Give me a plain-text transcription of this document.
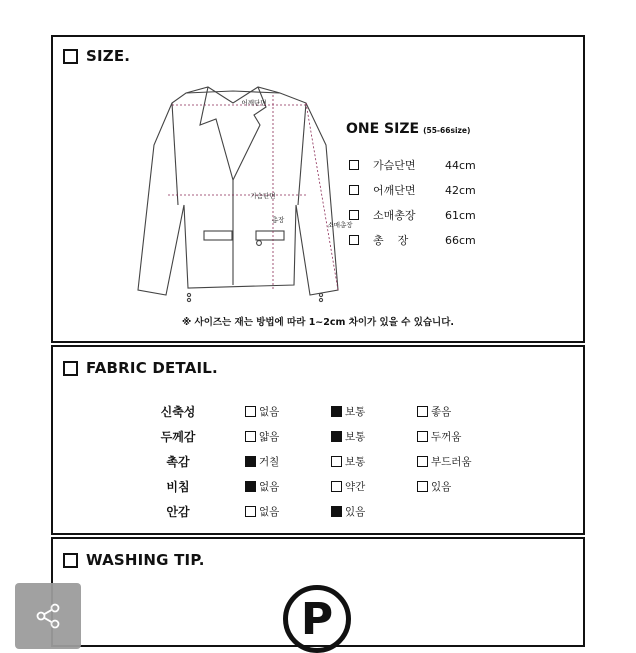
SIZE.
어깨단면
가슴단면
총장
소매총장
ONE SIZE (55-66size)
가슴단면	44cm
어깨단면	42cm
소매총장	61cm
총    장	66cm
※ 사이즈는 재는 방법에 따라 1~2cm 차이가 있을 수 있습니다.
FABRIC DETAIL.
신축성	없음	보통	좋음
두께감	얇음	보통	두꺼움
촉감	거칠	보통	부드러움
비침	없음	약간	있음
안감	없음	있음
WASHING TIP.
P
